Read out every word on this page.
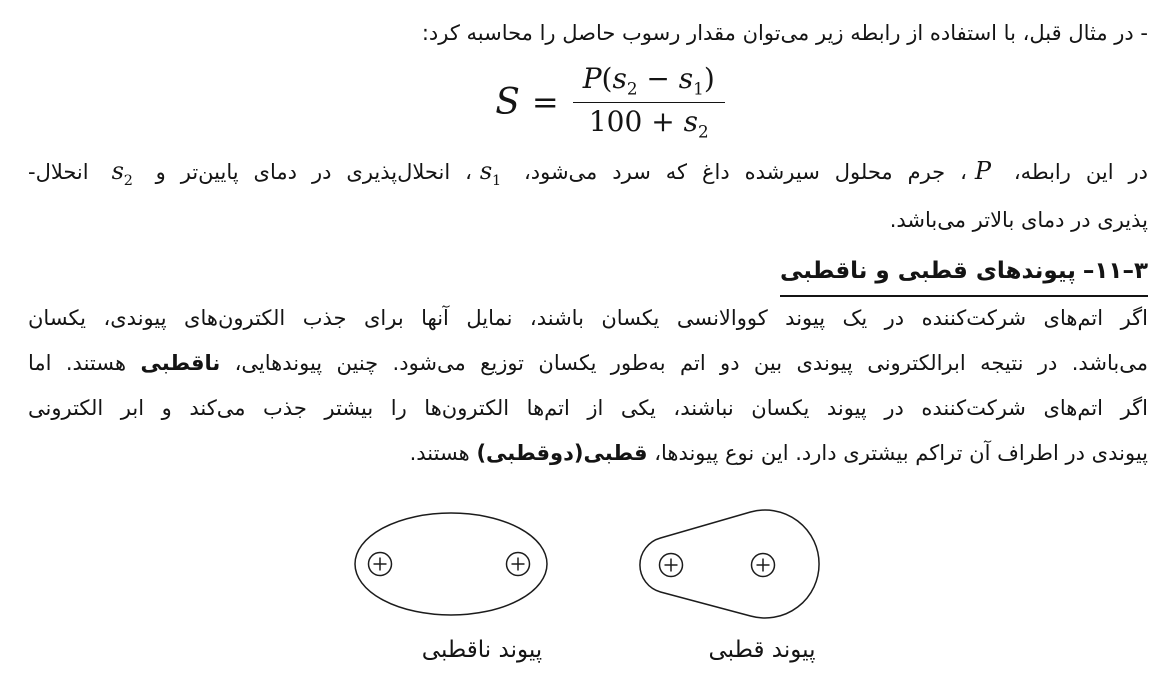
- در مثال قبل، با استفاده از رابطه زیر می‌توان مقدار رسوب حاصل را محاسبه کرد:
$S = \frac{P(s_2 - s_1)}{100 + s_2}$
در این رابطه، P، جرم محلول سیرشده داغ که سرد می‌شود، $s_1،$ انحلال‌پذیری در دمای پایین‌تر و $s_2$ انحلال-
پذیری در دمای بالاتر می‌باشد.
۳–۱۱–پیوندهای قطبی و ناقطبی
اگر اتم‌های شرکت‌کننده در یک پیوند کووالانسی یکسان باشند، نمایل آنها برای جذب الکترون‌های پیوندی، یکسان
می‌باشد. در نتیجه ابرالکترونی پیوندی بین دو اتم به‌طور یکسان توزیع می‌شود. چنین پیوندهایی، ناقطبی هستند. اما
اگر اتم‌های شرکت‌کننده در پیوند یکسان نباشند، یکی از اتم‌ها الکترون‌ها را بیشتر جذب می‌کند و ابر الکترونی
پیوندی در اطراف آن تراکم بیشتری دارد. این نوع پیوندها، قطبی(دوقطبی) هستند.
پیوند ناقطبی	پیوند قطبی
